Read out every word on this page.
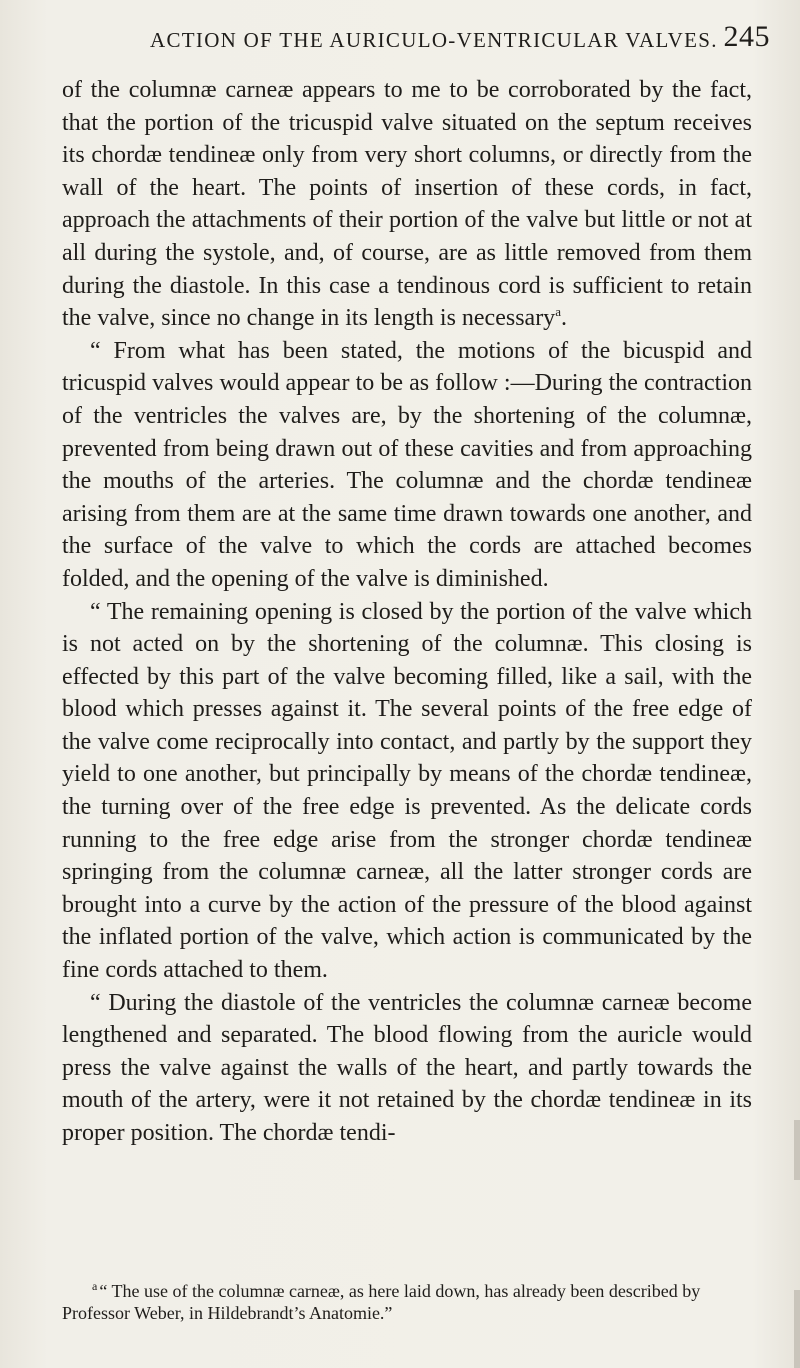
ACTION OF THE AURICULO-VENTRICULAR VALVES. 245

of the columnæ carneæ appears to me to be corroborated by the fact, that the portion of the tricuspid valve situated on the septum receives its chordæ tendineæ only from very short columns, or directly from the wall of the heart. The points of insertion of these cords, in fact, approach the attachments of their portion of the valve but little or not at all during the systole, and, of course, are as little removed from them during the diastole. In this case a tendinous cord is sufficient to retain the valve, since no change in its length is necessary$^a$.

“ From what has been stated, the motions of the bicuspid and tricuspid valves would appear to be as follow :—During the contraction of the ventricles the valves are, by the shortening of the columnæ, prevented from being drawn out of these cavities and from approaching the mouths of the arteries. The columnæ and the chordæ tendineæ arising from them are at the same time drawn towards one another, and the surface of the valve to which the cords are attached becomes folded, and the opening of the valve is diminished.

“ The remaining opening is closed by the portion of the valve which is not acted on by the shortening of the columnæ. This closing is effected by this part of the valve becoming filled, like a sail, with the blood which presses against it. The several points of the free edge of the valve come reciprocally into contact, and partly by the support they yield to one another, but principally by means of the chordæ tendineæ, the turning over of the free edge is prevented. As the delicate cords running to the free edge arise from the stronger chordæ tendineæ springing from the columnæ carneæ, all the latter stronger cords are brought into a curve by the action of the pressure of the blood against the inflated portion of the valve, which action is communicated by the fine cords attached to them.

“ During the diastole of the ventricles the columnæ carneæ become lengthened and separated. The blood flowing from the auricle would press the valve against the walls of the heart, and partly towards the mouth of the artery, were it not retained by the chordæ tendineæ in its proper position. The chordæ tendi-

$^a$ “ The use of the columnæ carneæ, as here laid down, has already been described by Professor Weber, in Hildebrandt’s Anatomie.”
